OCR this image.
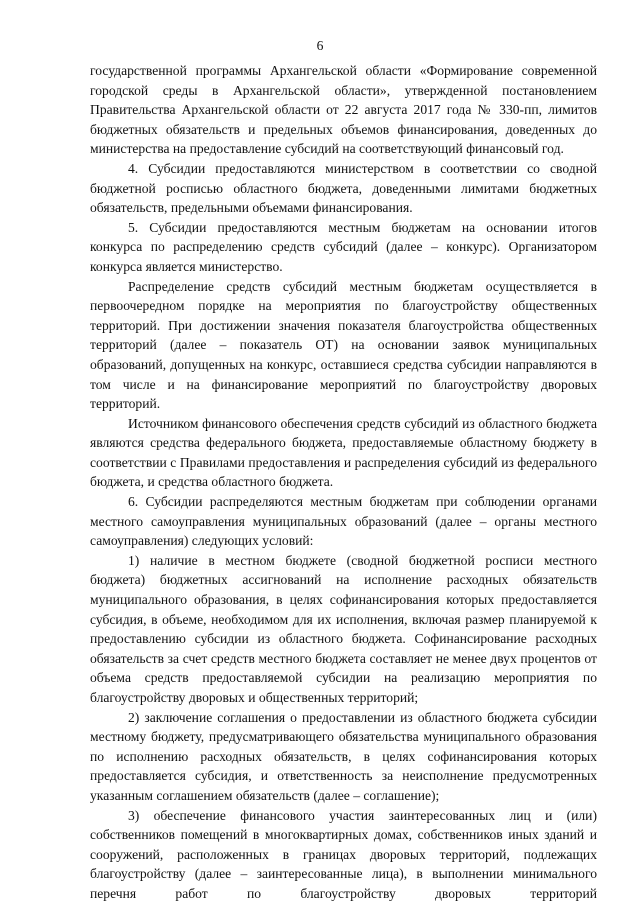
6

государственной программы Архангельской области «Формирование современной городской среды в Архангельской области», утвержденной постановлением Правительства Архангельской области от 22 августа 2017 года № 330-пп, лимитов бюджетных обязательств и предельных объемов финансирования, доведенных до министерства на предоставление субсидий на соответствующий финансовый год.

4. Субсидии предоставляются министерством в соответствии со сводной бюджетной росписью областного бюджета, доведенными лимитами бюджетных обязательств, предельными объемами финансирования.

5. Субсидии предоставляются местным бюджетам на основании итогов конкурса по распределению средств субсидий (далее – конкурс). Организатором конкурса является министерство.

Распределение средств субсидий местным бюджетам осуществляется в первоочередном порядке на мероприятия по благоустройству общественных территорий. При достижении значения показателя благоустройства общественных территорий (далее – показатель ОТ) на основании заявок муниципальных образований, допущенных на конкурс, оставшиеся средства субсидии направляются в том числе и на финансирование мероприятий по благоустройству дворовых территорий.

Источником финансового обеспечения средств субсидий из областного бюджета являются средства федерального бюджета, предоставляемые областному бюджету в соответствии с Правилами предоставления и распределения субсидий из федерального бюджета, и средства областного бюджета.

6. Субсидии распределяются местным бюджетам при соблюдении органами местного самоуправления муниципальных образований (далее – органы местного самоуправления) следующих условий:

1) наличие в местном бюджете (сводной бюджетной росписи местного бюджета) бюджетных ассигнований на исполнение расходных обязательств муниципального образования, в целях софинансирования которых предоставляется субсидия, в объеме, необходимом для их исполнения, включая размер планируемой к предоставлению субсидии из областного бюджета. Софинансирование расходных обязательств за счет средств местного бюджета составляет не менее двух процентов от объема средств предоставляемой субсидии на реализацию мероприятия по благоустройству дворовых и общественных территорий;

2) заключение соглашения о предоставлении из областного бюджета субсидии местному бюджету, предусматривающего обязательства муниципального образования по исполнению расходных обязательств, в целях софинансирования которых предоставляется субсидия, и ответственность за неисполнение предусмотренных указанным соглашением обязательств (далее – соглашение);

3) обеспечение финансового участия заинтересованных лиц и (или) собственников помещений в многоквартирных домах, собственников иных зданий и сооружений, расположенных в границах дворовых территорий, подлежащих благоустройству (далее – заинтересованные лица), в выполнении минимального перечня работ по благоустройству дворовых территорий
